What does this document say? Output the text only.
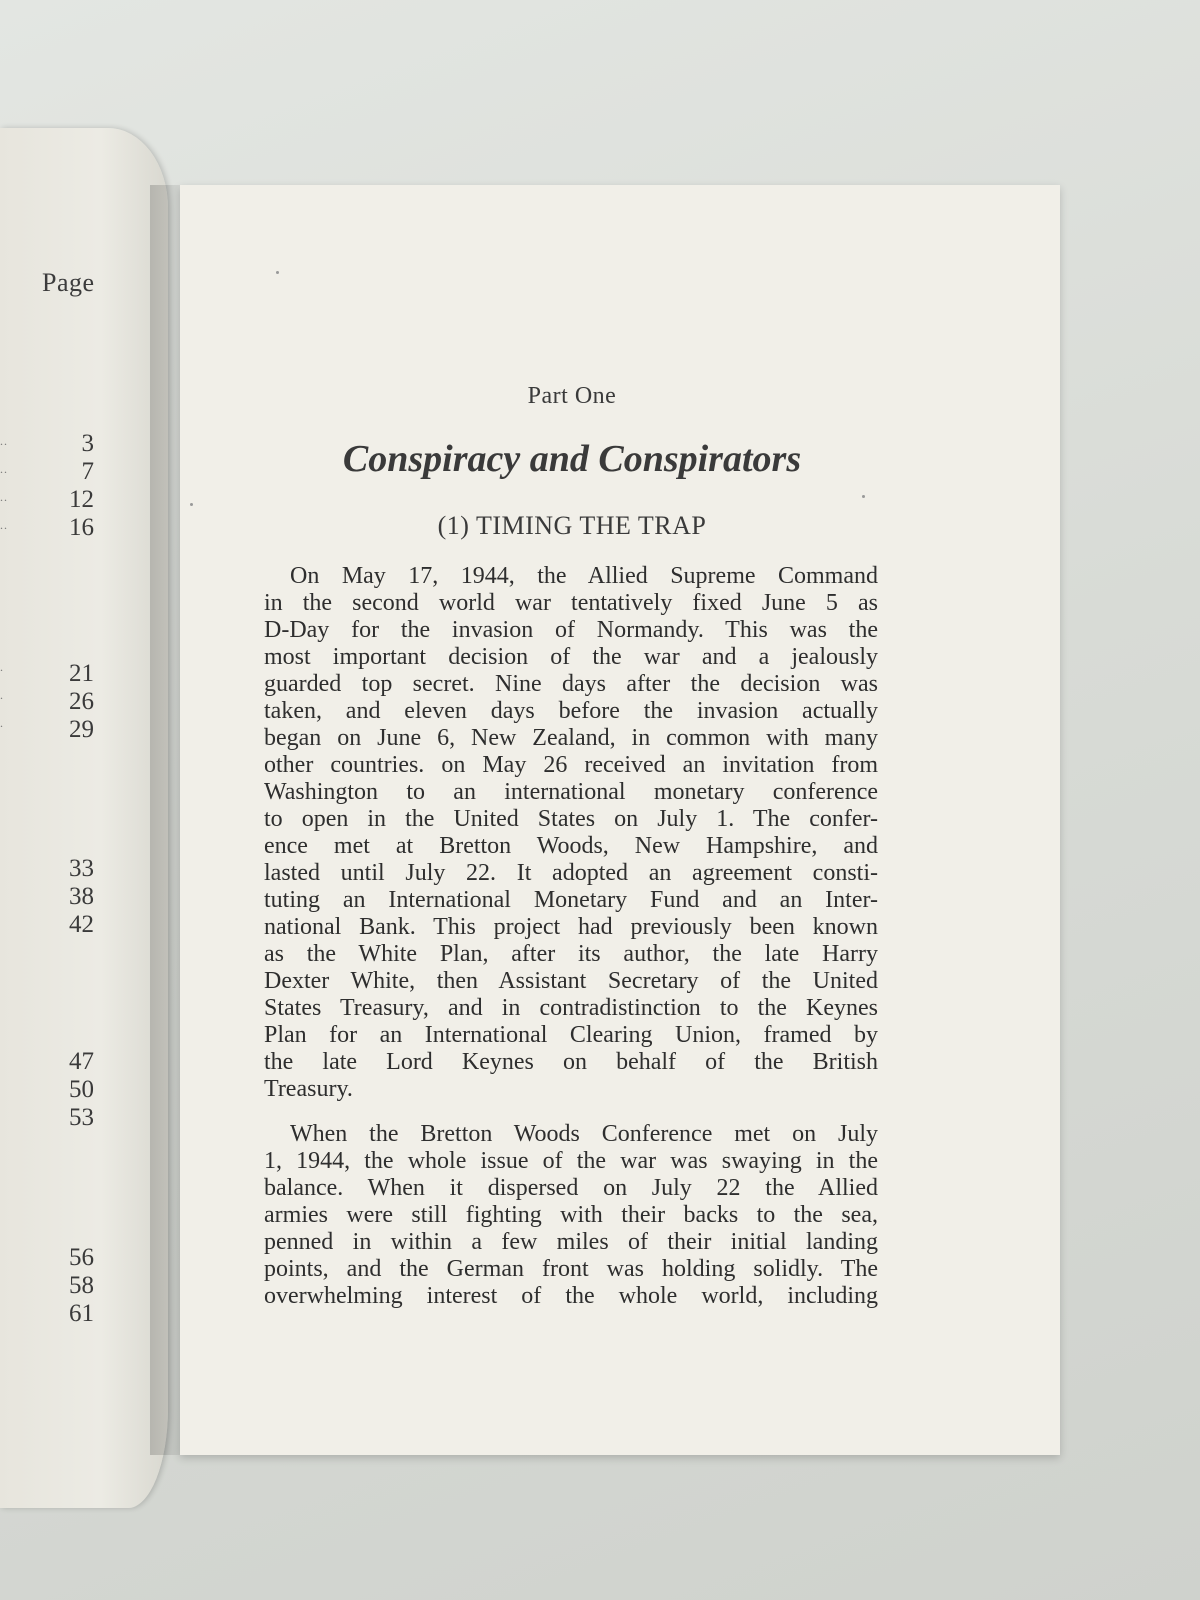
..
..
..
..
.
.
.
Page
3
7
12
16
21
26
29
33
38
42
47
50
53
56
58
61
Part One
Conspiracy and Conspirators
(1) TIMING THE TRAP
On May 17, 1944, the Allied Supreme Command
in the second world war tentatively fixed June 5 as
D-Day for the invasion of Normandy. This was the
most important decision of the war and a jealously
guarded top secret. Nine days after the decision was
taken, and eleven days before the invasion actually
began on June 6, New Zealand, in common with many
other countries. on May 26 received an invitation from
Washington to an international monetary conference
to open in the United States on July 1. The confer-
ence met at Bretton Woods, New Hampshire, and
lasted until July 22. It adopted an agreement consti-
tuting an International Monetary Fund and an Inter-
national Bank. This project had previously been known
as the White Plan, after its author, the late Harry
Dexter White, then Assistant Secretary of the United
States Treasury, and in contradistinction to the Keynes
Plan for an International Clearing Union, framed by
the late Lord Keynes on behalf of the British
Treasury.
When the Bretton Woods Conference met on July
1, 1944, the whole issue of the war was swaying in the
balance. When it dispersed on July 22 the Allied
armies were still fighting with their backs to the sea,
penned in within a few miles of their initial landing
points, and the German front was holding solidly. The
overwhelming interest of the whole world, including
